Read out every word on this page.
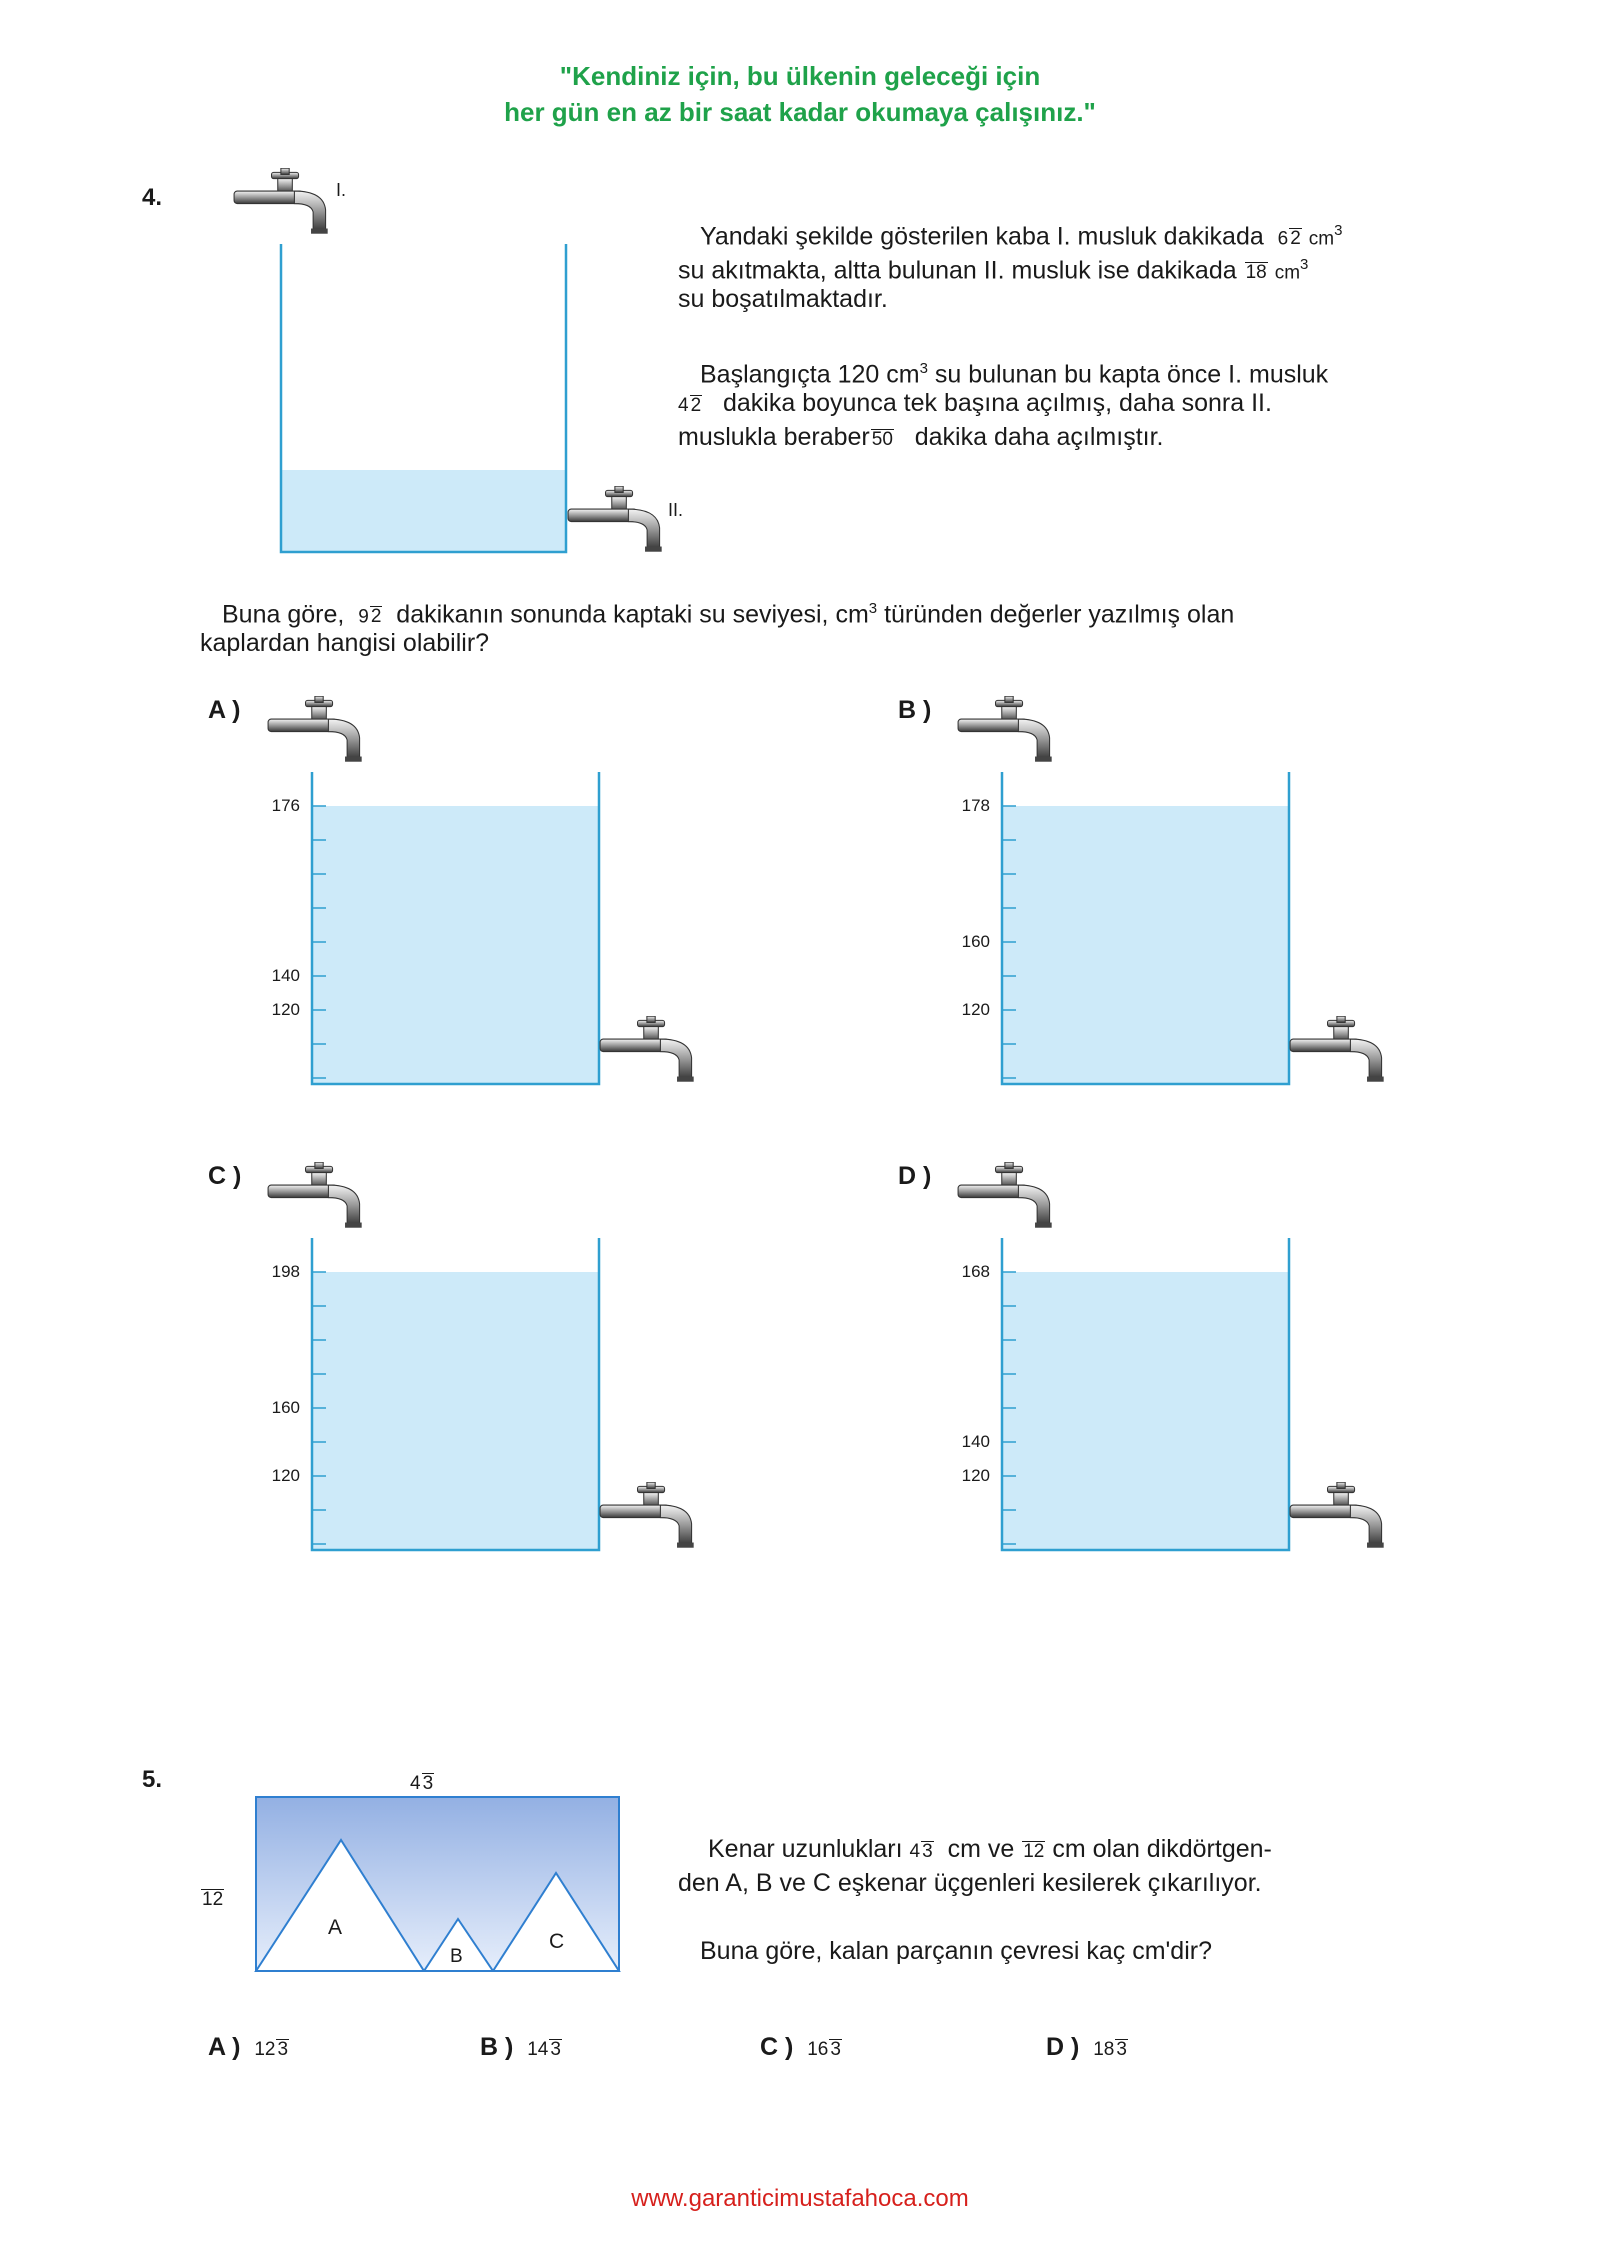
"Kendiniz için, bu ülkenin geleceği için
her gün en az bir saat kadar okumaya çalışınız."
4.	I.
II.
Yandaki şekilde gösterilen kaba I. musluk dakikada 6 2 $cm^3$
su akıtmakta, altta bulunan II. musluk ise dakikada 18 $cm^3$
su boşatılmaktadır.
Başlangıçta 120 $cm^3$ su bulunan bu kapta önce I. musluk
4 2 dakika boyunca tek başına açılmış, daha sonra II.
muslukla beraber 50 dakika daha açılmıştır.
Buna göre, 9 2 dakikanın sonunda kaptaki su seviyesi, $cm^3$ türünden değerler yazılmış olan
kaplardan hangisi olabilir?
A )
176
140
120
B )
178
160
120
C )
198
160
120
D )
168
140
120
5.	4 3
12
A
B
C
Kenar uzunlukları 4 3 cm ve 12 cm olan dikdörtgen-
den A, B ve C eşkenar üçgenleri kesilerek çıkarılıyor.
Buna göre, kalan parçanın çevresi kaç cm'dir?
A ) 12 3	B ) 14 3	C ) 16 3	D ) 18 3
www.garanticimustafahoca.com
